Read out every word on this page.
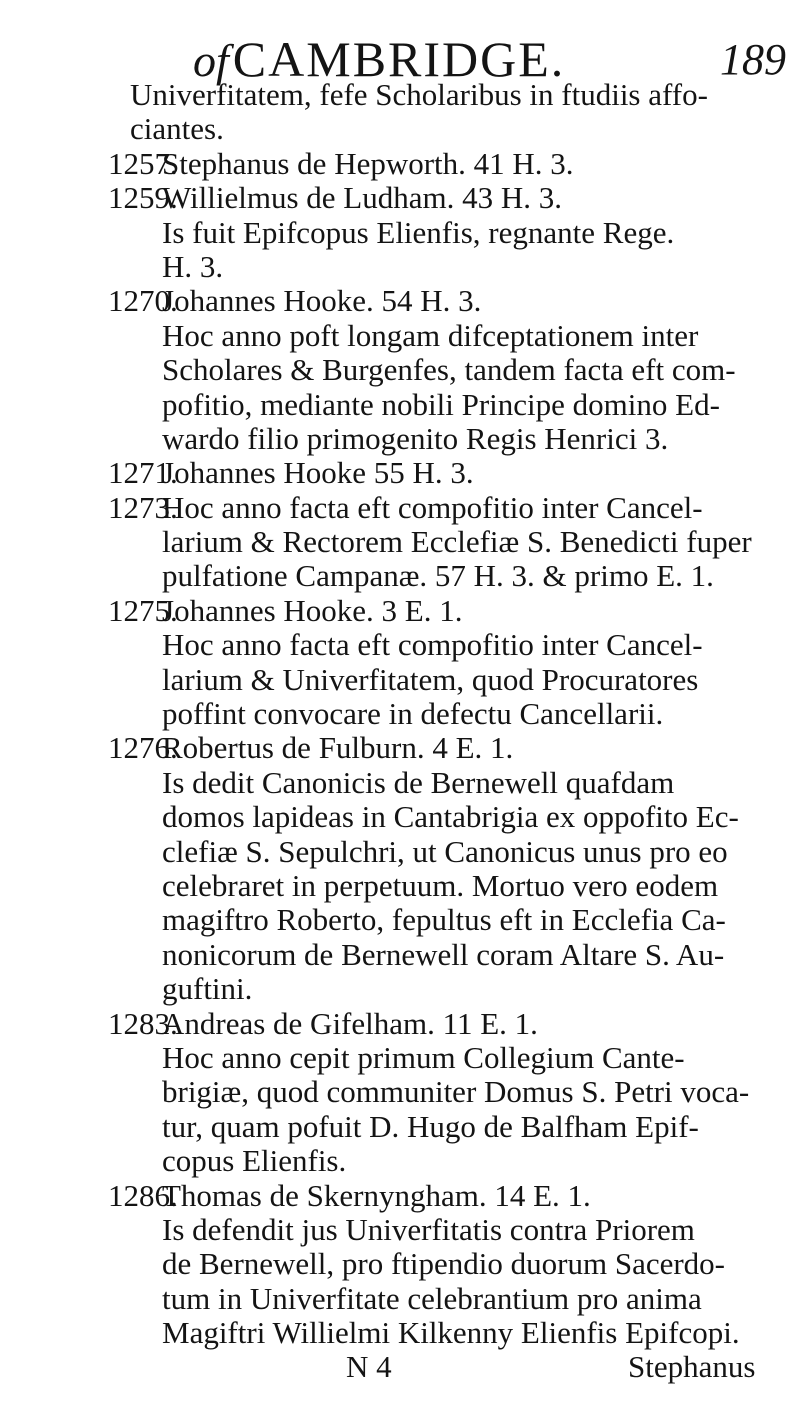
ofCAMBRIDGE.	189
Univerfitatem, fefe Scholaribus in ftudiis affo-
ciantes.
1257.
Stephanus de Hepworth. 41 H. 3.
1259.
Willielmus de Ludham. 43 H. 3.
Is fuit Epifcopus Elienfis, regnante Rege.
H. 3.
1270.
Johannes Hooke. 54 H. 3.
Hoc anno poft longam difceptationem inter
Scholares & Burgenfes, tandem facta eft com-
pofitio, mediante nobili Principe domino Ed-
wardo filio primogenito Regis Henrici 3.
1271.
Johannes Hooke 55 H. 3.
1273.
Hoc anno facta eft compofitio inter Cancel-
larium & Rectorem Ecclefiæ S. Benedicti fuper
pulfatione Campanæ. 57 H. 3. & primo E. 1.
1275.
Johannes Hooke. 3 E. 1.
Hoc anno facta eft compofitio inter Cancel-
larium & Univerfitatem, quod Procuratores
poffint convocare in defectu Cancellarii.
1276.
Robertus de Fulburn. 4 E. 1.
Is dedit Canonicis de Bernewell quafdam
domos lapideas in Cantabrigia ex oppofito Ec-
clefiæ S. Sepulchri, ut Canonicus unus pro eo
celebraret in perpetuum. Mortuo vero eodem
magiftro Roberto, fepultus eft in Ecclefia Ca-
nonicorum de Bernewell coram Altare S. Au-
guftini.
1283.
Andreas de Gifelham. 11 E. 1.
Hoc anno cepit primum Collegium Cante-
brigiæ, quod communiter Domus S. Petri voca-
tur, quam pofuit D. Hugo de Balfham Epif-
copus Elienfis.
1286.
Thomas de Skernyngham. 14 E. 1.
Is defendit jus Univerfitatis contra Priorem
de Bernewell, pro ftipendio duorum Sacerdo-
tum in Univerfitate celebrantium pro anima
Magiftri Willielmi Kilkenny Elienfis Epifcopi.
N 4	Stephanus
